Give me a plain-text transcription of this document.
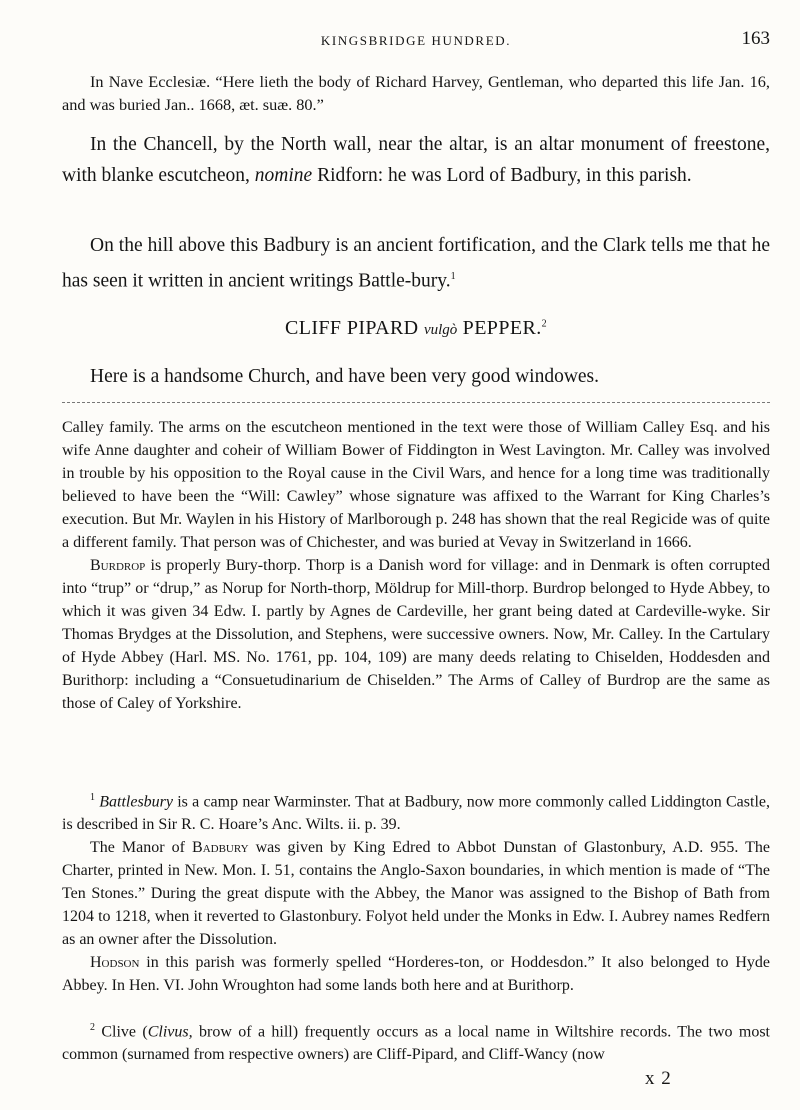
KINGSBRIDGE HUNDRED.	163

In Nave Ecclesiæ. “Here lieth the body of Richard Harvey, Gentleman, who departed this life Jan. 16, and was buried Jan.. 1668, æt. suæ. 80.”

In the Chancell, by the North wall, near the altar, is an altar monument of freestone, with blanke escutcheon, nomine Ridforn: he was Lord of Badbury, in this parish.

On the hill above this Badbury is an ancient fortification, and the Clark tells me that he has seen it written in ancient writings Battle-bury.$^1$

CLIFF PIPARD vulgò PEPPER.$^2$

Here is a handsome Church, and have been very good windowes.

Calley family. The arms on the escutcheon mentioned in the text were those of William Calley Esq. and his wife Anne daughter and coheir of William Bower of Fiddington in West Lavington. Mr. Calley was involved in trouble by his opposition to the Royal cause in the Civil Wars, and hence for a long time was traditionally believed to have been the “Will: Cawley” whose signature was affixed to the Warrant for King Charles’s execution. But Mr. Waylen in his History of Marlborough p. 248 has shown that the real Regicide was of quite a different family. That person was of Chichester, and was buried at Vevay in Switzerland in 1666.

Burdrop is properly Bury-thorp. Thorp is a Danish word for village: and in Denmark is often corrupted into “trup” or “drup,” as Norup for North-thorp, Möldrup for Mill-thorp. Burdrop belonged to Hyde Abbey, to which it was given 34 Edw. I. partly by Agnes de Cardeville, her grant being dated at Cardeville-wyke. Sir Thomas Brydges at the Dissolution, and Stephens, were successive owners. Now, Mr. Calley. In the Cartulary of Hyde Abbey (Harl. MS. No. 1761, pp. 104, 109) are many deeds relating to Chiselden, Hoddesden and Burithorp: including a “Consuetudinarium de Chiselden.” The Arms of Calley of Burdrop are the same as those of Caley of Yorkshire.

$^1$ Battlesbury is a camp near Warminster. That at Badbury, now more commonly called Liddington Castle, is described in Sir R. C. Hoare’s Anc. Wilts. ii. p. 39.

The Manor of Badbury was given by King Edred to Abbot Dunstan of Glastonbury, A.D. 955. The Charter, printed in New. Mon. I. 51, contains the Anglo-Saxon boundaries, in which mention is made of “The Ten Stones.” During the great dispute with the Abbey, the Manor was assigned to the Bishop of Bath from 1204 to 1218, when it reverted to Glastonbury. Folyot held under the Monks in Edw. I. Aubrey names Redfern as an owner after the Dissolution.

Hodson in this parish was formerly spelled “Horderes-ton, or Hoddesdon.” It also belonged to Hyde Abbey. In Hen. VI. John Wroughton had some lands both here and at Burithorp.

$^2$ Clive (Clivus, brow of a hill) frequently occurs as a local name in Wiltshire records. The two most common (surnamed from respective owners) are Cliff-Pipard, and Cliff-Wancy (now

x 2
